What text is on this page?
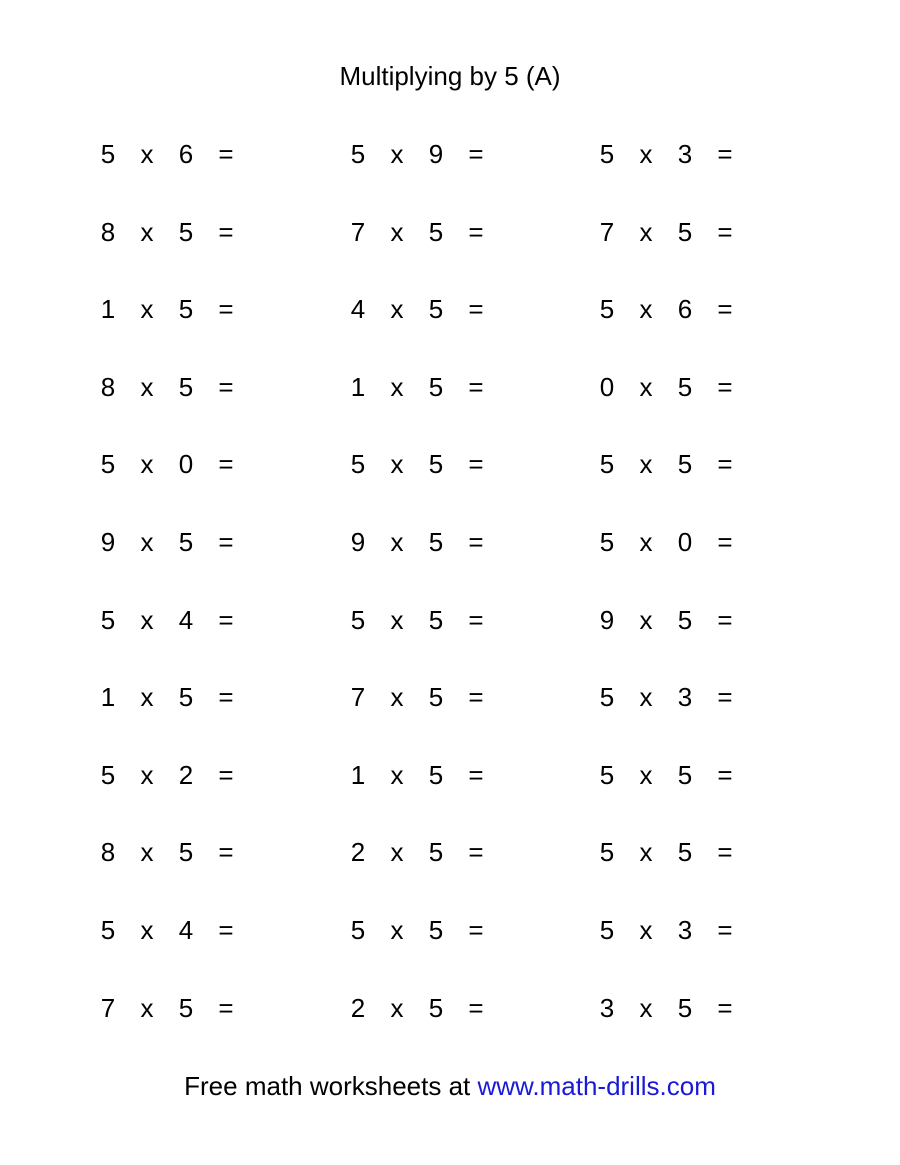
Multiplying by 5 (A)
5 x 6 =	5 x 9 =	5 x 3 =
8 x 5 =	7 x 5 =	7 x 5 =
1 x 5 =	4 x 5 =	5 x 6 =
8 x 5 =	1 x 5 =	0 x 5 =
5 x 0 =	5 x 5 =	5 x 5 =
9 x 5 =	9 x 5 =	5 x 0 =
5 x 4 =	5 x 5 =	9 x 5 =
1 x 5 =	7 x 5 =	5 x 3 =
5 x 2 =	1 x 5 =	5 x 5 =
8 x 5 =	2 x 5 =	5 x 5 =
5 x 4 =	5 x 5 =	5 x 3 =
7 x 5 =	2 x 5 =	3 x 5 =
Free math worksheets at www.math-drills.com
